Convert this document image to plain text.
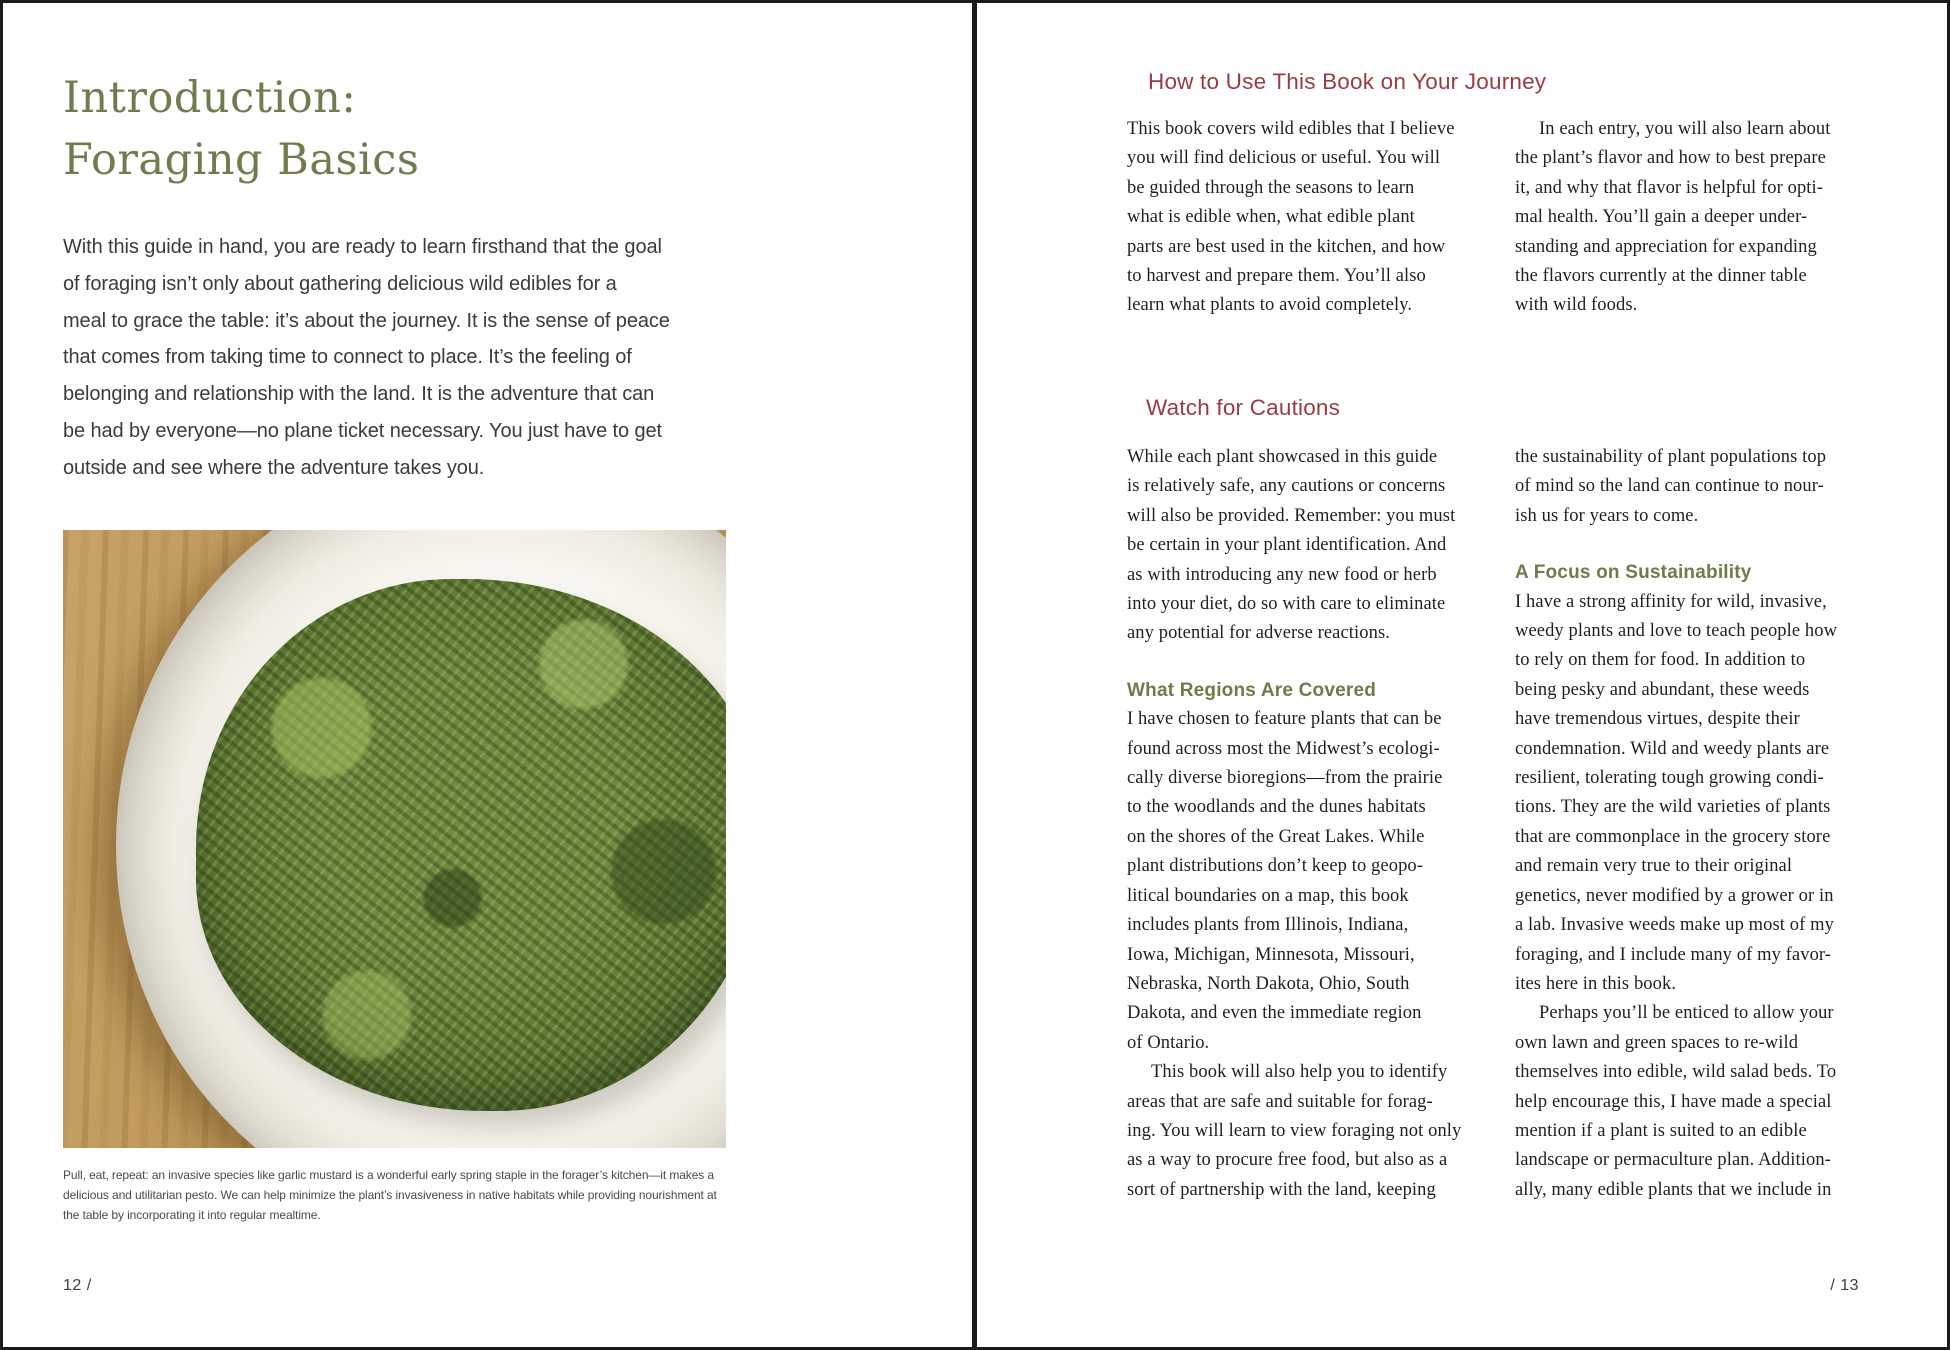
Introduction:
Foraging Basics
With this guide in hand, you are ready to learn firsthand that the goal
of foraging isn’t only about gathering delicious wild edibles for a
meal to grace the table: it’s about the journey. It is the sense of peace
that comes from taking time to connect to place. It’s the feeling of
belonging and relationship with the land. It is the adventure that can
be had by everyone—no plane ticket necessary. You just have to get
outside and see where the adventure takes you.
Pull, eat, repeat: an invasive species like garlic mustard is a wonderful early spring staple in the forager’s kitchen—it makes a
delicious and utilitarian pesto. We can help minimize the plant’s invasiveness in native habitats while providing nourishment at
the table by incorporating it into regular mealtime.
12 /
How to Use This Book on Your Journey
This book covers wild edibles that I believe
you will find delicious or useful. You will
be guided through the seasons to learn
what is edible when, what edible plant
parts are best used in the kitchen, and how
to harvest and prepare them. You’ll also
learn what plants to avoid completely.
In each entry, you will also learn about
the plant’s flavor and how to best prepare
it, and why that flavor is helpful for opti-
mal health. You’ll gain a deeper under-
standing and appreciation for expanding
the flavors currently at the dinner table
with wild foods.
Watch for Cautions
While each plant showcased in this guide
is relatively safe, any cautions or concerns
will also be provided. Remember: you must
be certain in your plant identification. And
as with introducing any new food or herb
into your diet, do so with care to eliminate
any potential for adverse reactions.
What Regions Are Covered
I have chosen to feature plants that can be
found across most the Midwest’s ecologi-
cally diverse bioregions—from the prairie
to the woodlands and the dunes habitats
on the shores of the Great Lakes. While
plant distributions don’t keep to geopo-
litical boundaries on a map, this book
includes plants from Illinois, Indiana,
Iowa, Michigan, Minnesota, Missouri,
Nebraska, North Dakota, Ohio, South
Dakota, and even the immediate region
of Ontario.
This book will also help you to identify
areas that are safe and suitable for forag-
ing. You will learn to view foraging not only
as a way to procure free food, but also as a
sort of partnership with the land, keeping
the sustainability of plant populations top
of mind so the land can continue to nour-
ish us for years to come.
A Focus on Sustainability
I have a strong affinity for wild, invasive,
weedy plants and love to teach people how
to rely on them for food. In addition to
being pesky and abundant, these weeds
have tremendous virtues, despite their
condemnation. Wild and weedy plants are
resilient, tolerating tough growing condi-
tions. They are the wild varieties of plants
that are commonplace in the grocery store
and remain very true to their original
genetics, never modified by a grower or in
a lab. Invasive weeds make up most of my
foraging, and I include many of my favor-
ites here in this book.
Perhaps you’ll be enticed to allow your
own lawn and green spaces to re-wild
themselves into edible, wild salad beds. To
help encourage this, I have made a special
mention if a plant is suited to an edible
landscape or permaculture plan. Addition-
ally, many edible plants that we include in
/ 13
